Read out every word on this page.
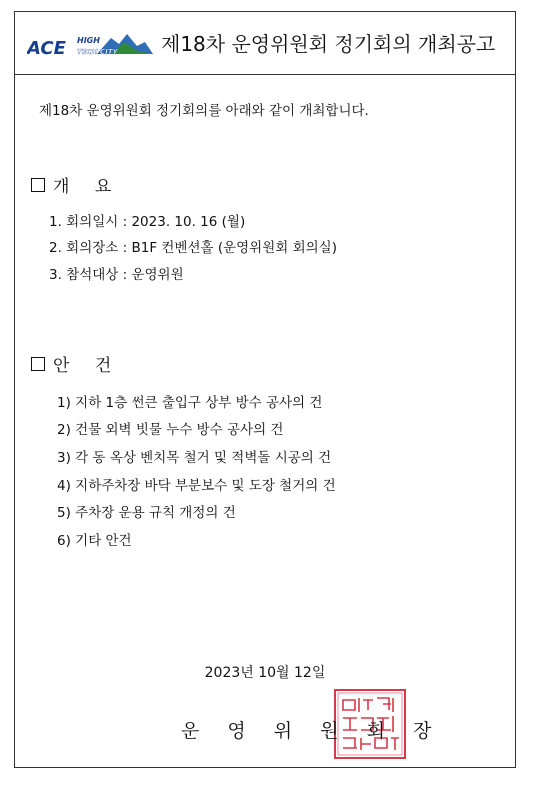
ACE HIGH
TECH CITY 제18차 운영위원회 정기회의 개최공고
제18차 운영위원회 정기회의를 아래와 같이 개최합니다.
개 요
1. 회의일시 : 2023. 10. 16 (월)
2. 회의장소 : B1F 컨벤션홀 (운영위원회 회의실)
3. 참석대상 : 운영위원
안 건
1) 지하 1층 썬큰 출입구 상부 방수 공사의 건
2) 건물 외벽 빗물 누수 방수 공사의 건
3) 각 동 옥상 벤치목 철거 및 적벽돌 시공의 건
4) 지하주차장 바닥 부분보수 및 도장 철거의 건
5) 주차장 운용 규칙 개정의 건
6) 기타 안건
2023년 10월 12일
운 영 위 원 회 장
